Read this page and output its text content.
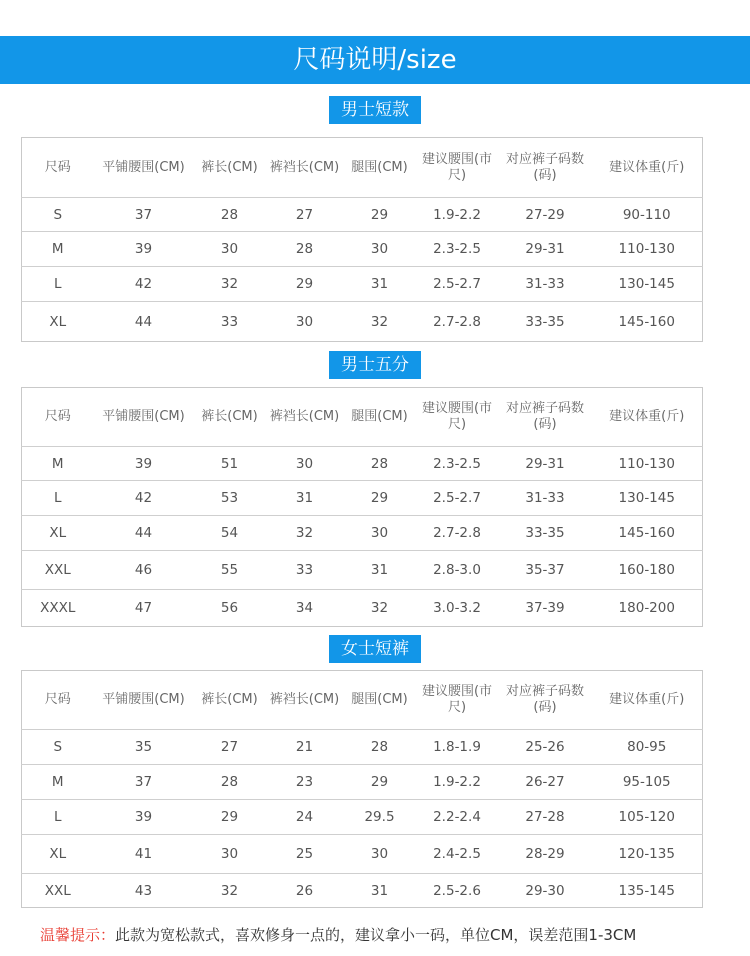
尺码说明/size
男士短款
尺码	平铺腰围(CM)	裤长(CM)	裤裆长(CM)	腿围(CM)	建议腰围(市尺)	对应裤子码数(码)	建议体重(斤)
S	37	28	27	29	1.9-2.2	27-29	90-110
M	39	30	28	30	2.3-2.5	29-31	110-130
L	42	32	29	31	2.5-2.7	31-33	130-145
XL	44	33	30	32	2.7-2.8	33-35	145-160
男士五分
尺码	平铺腰围(CM)	裤长(CM)	裤裆长(CM)	腿围(CM)	建议腰围(市尺)	对应裤子码数(码)	建议体重(斤)
M	39	51	30	28	2.3-2.5	29-31	110-130
L	42	53	31	29	2.5-2.7	31-33	130-145
XL	44	54	32	30	2.7-2.8	33-35	145-160
XXL	46	55	33	31	2.8-3.0	35-37	160-180
XXXL	47	56	34	32	3.0-3.2	37-39	180-200
女士短裤
尺码	平铺腰围(CM)	裤长(CM)	裤裆长(CM)	腿围(CM)	建议腰围(市尺)	对应裤子码数(码)	建议体重(斤)
S	35	27	21	28	1.8-1.9	25-26	80-95
M	37	28	23	29	1.9-2.2	26-27	95-105
L	39	29	24	29.5	2.2-2.4	27-28	105-120
XL	41	30	25	30	2.4-2.5	28-29	120-135
XXL	43	32	26	31	2.5-2.6	29-30	135-145
温馨提示：此款为宽松款式，喜欢修身一点的，建议拿小一码，单位CM，误差范围1-3CM
